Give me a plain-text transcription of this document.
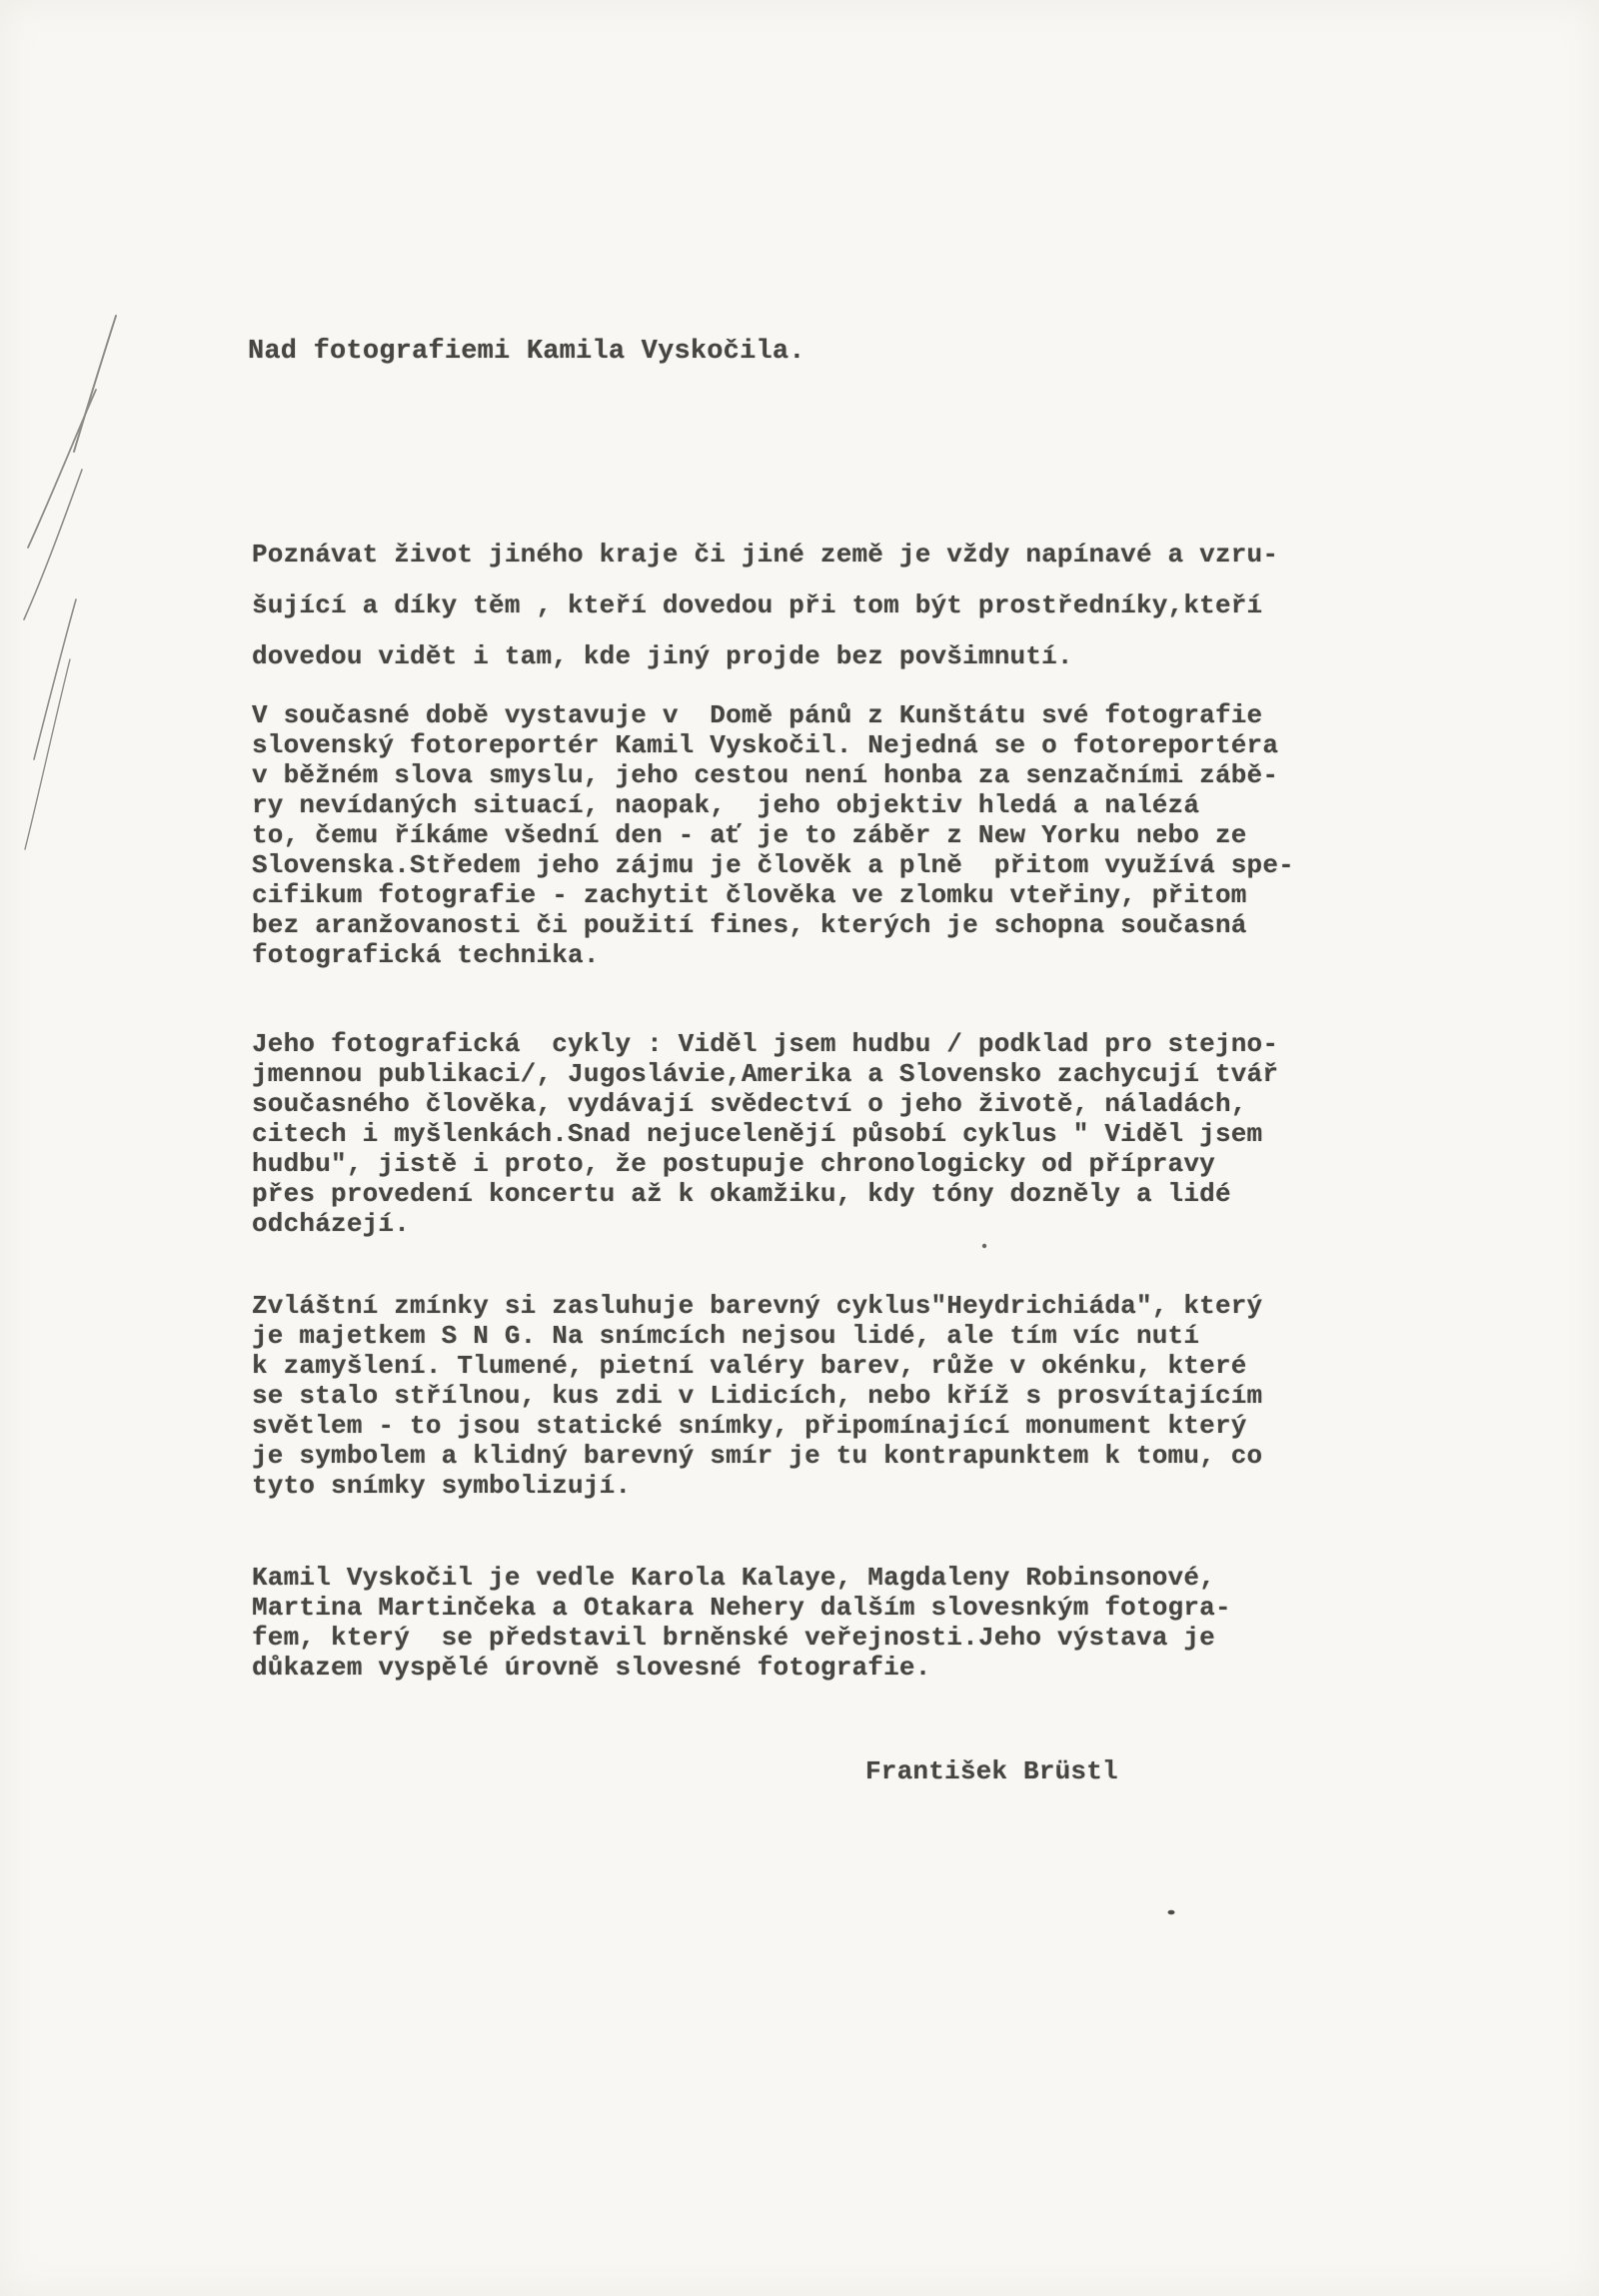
Nad fotografiemi Kamila Vyskočila.

Poznávat život jiného kraje či jiné země je vždy napínavé a vzru-
šující a díky těm , kteří dovedou při tom být prostředníky,kteří
dovedou vidět i tam, kde jiný projde bez povšimnutí.
V současné době vystavuje v  Domě pánů z Kunštátu své fotografie
slovenský fotoreportér Kamil Vyskočil. Nejedná se o fotoreportéra
v běžném slova smyslu, jeho cestou není honba za senzačními zábě-
ry nevídaných situací, naopak,  jeho objektiv hledá a nalézá
to, čemu říkáme všední den - ať je to záběr z New Yorku nebo ze
Slovenska.Středem jeho zájmu je člověk a plně  přitom využívá spe-
cifikum fotografie - zachytit člověka ve zlomku vteřiny, přitom
bez aranžovanosti či použití fines, kterých je schopna současná
fotografická technika.
Jeho fotografická  cykly : Viděl jsem hudbu / podklad pro stejno-
jmennou publikaci/, Jugoslávie,Amerika a Slovensko zachycují tvář
současného člověka, vydávají svědectví o jeho životě, náladách,
citech i myšlenkách.Snad nejucelenějí působí cyklus " Viděl jsem
hudbu", jistě i proto, že postupuje chronologicky od přípravy
přes provedení koncertu až k okamžiku, kdy tóny dozněly a lidé
odcházejí.
Zvláštní zmínky si zasluhuje barevný cyklus"Heydrichiáda", který
je majetkem S N G. Na snímcích nejsou lidé, ale tím víc nutí
k zamyšlení. Tlumené, pietní valéry barev, růže v okénku, které
se stalo střílnou, kus zdi v Lidicích, nebo kříž s prosvítajícím
světlem - to jsou statické snímky, připomínající monument který
je symbolem a klidný barevný smír je tu kontrapunktem k tomu, co
tyto snímky symbolizují.
Kamil Vyskočil je vedle Karola Kalaye, Magdaleny Robinsonové,
Martina Martinčeka a Otakara Nehery dalším slovesnkým fotogra-
fem, který  se představil brněnské veřejnosti.Jeho výstava je
důkazem vyspělé úrovně slovesné fotografie.

František Brüstl
